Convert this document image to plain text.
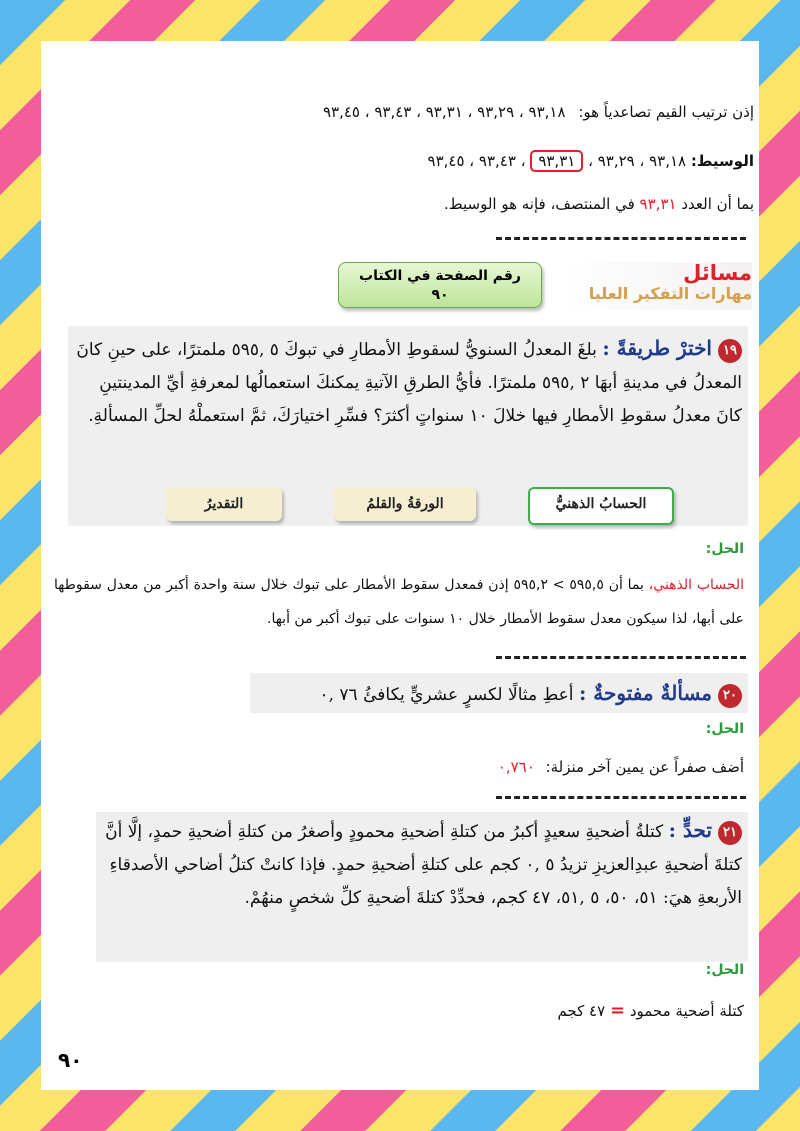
إذن ترتيب القيم تصاعدياً هو: ٩٣,١٨ ، ٩٣,٢٩ ، ٩٣,٣١ ، ٩٣,٤٣ ، ٩٣,٤٥
الوسيط: ٩٣,١٨ ، ٩٣,٢٩ ، ٩٣,٣١ ، ٩٣,٤٣ ، ٩٣,٤٥
بما أن العدد ٩٣,٣١ في المنتصف، فإنه هو الوسيط.
رقم الصفحة في الكتاب
٩٠
مسائل
مهارات التفكير العليا
١٩اخترْ طريقةً : بلغَ المعدلُ السنويُّ لسقوطِ الأمطارِ في تبوكَ ٥ ,٥٩٥ ملمترًا، على حينِ كانَ المعدلُ في مدينةِ أبهَا ٢ ,٥٩٥ ملمترًا. فأيُّ الطرقِ الآتيةِ يمكنكَ استعمالُها لمعرفةِ أيِّ المدينتينِ كانَ معدلُ سقوطِ الأمطارِ فيها خلالَ ١٠ سنواتٍ أكثرَ؟ فسِّرِ اختيارَكَ، ثمَّ استعملْهُ لحلِّ المسألةِ.
الحسابُ الذهنيُّ
الورقةُ والقلمُ
التقديرُ
الحل:
الحساب الذهني، بما أن ٥٩٥,٥ > ٥٩٥,٢ إذن فمعدل سقوط الأمطار على تبوك خلال سنة واحدة أكبر من معدل سقوطها على أبها، لذا سيكون معدل سقوط الأمطار خلال ١٠ سنوات على تبوك أكبر من أبها.
٢٠مسألةٌ مفتوحةٌ : أعطِ مثالًا لكسرٍ عشريٍّ يكافئُ ٧٦ ,٠
الحل:
أضف صفراً عن يمين آخر منزلة: ٠,٧٦٠
٢١تحدٍّ : كتلةُ أضحيةِ سعيدٍ أكبرُ من كتلةِ أضحيةِ محمودٍ وأصغرُ من كتلةِ أضحيةِ حمدٍ، إلَّا أنَّ كتلةَ أضحيةِ عبدِالعزيزِ تزيدُ ٥ ,٠ كجم على كتلةِ أضحيةِ حمدٍ. فإذا كانتْ كتلُ أضاحي الأصدقاءِ الأربعةِ هيَ: ٥١، ٥٠، ٥ ,٥١، ٤٧ كجم، فحدِّدْ كتلةَ أضحيةِ كلِّ شخصٍ منهُمْ.
الحل:
كتلة أضحية محمود = ٤٧ كجم
٩٠
